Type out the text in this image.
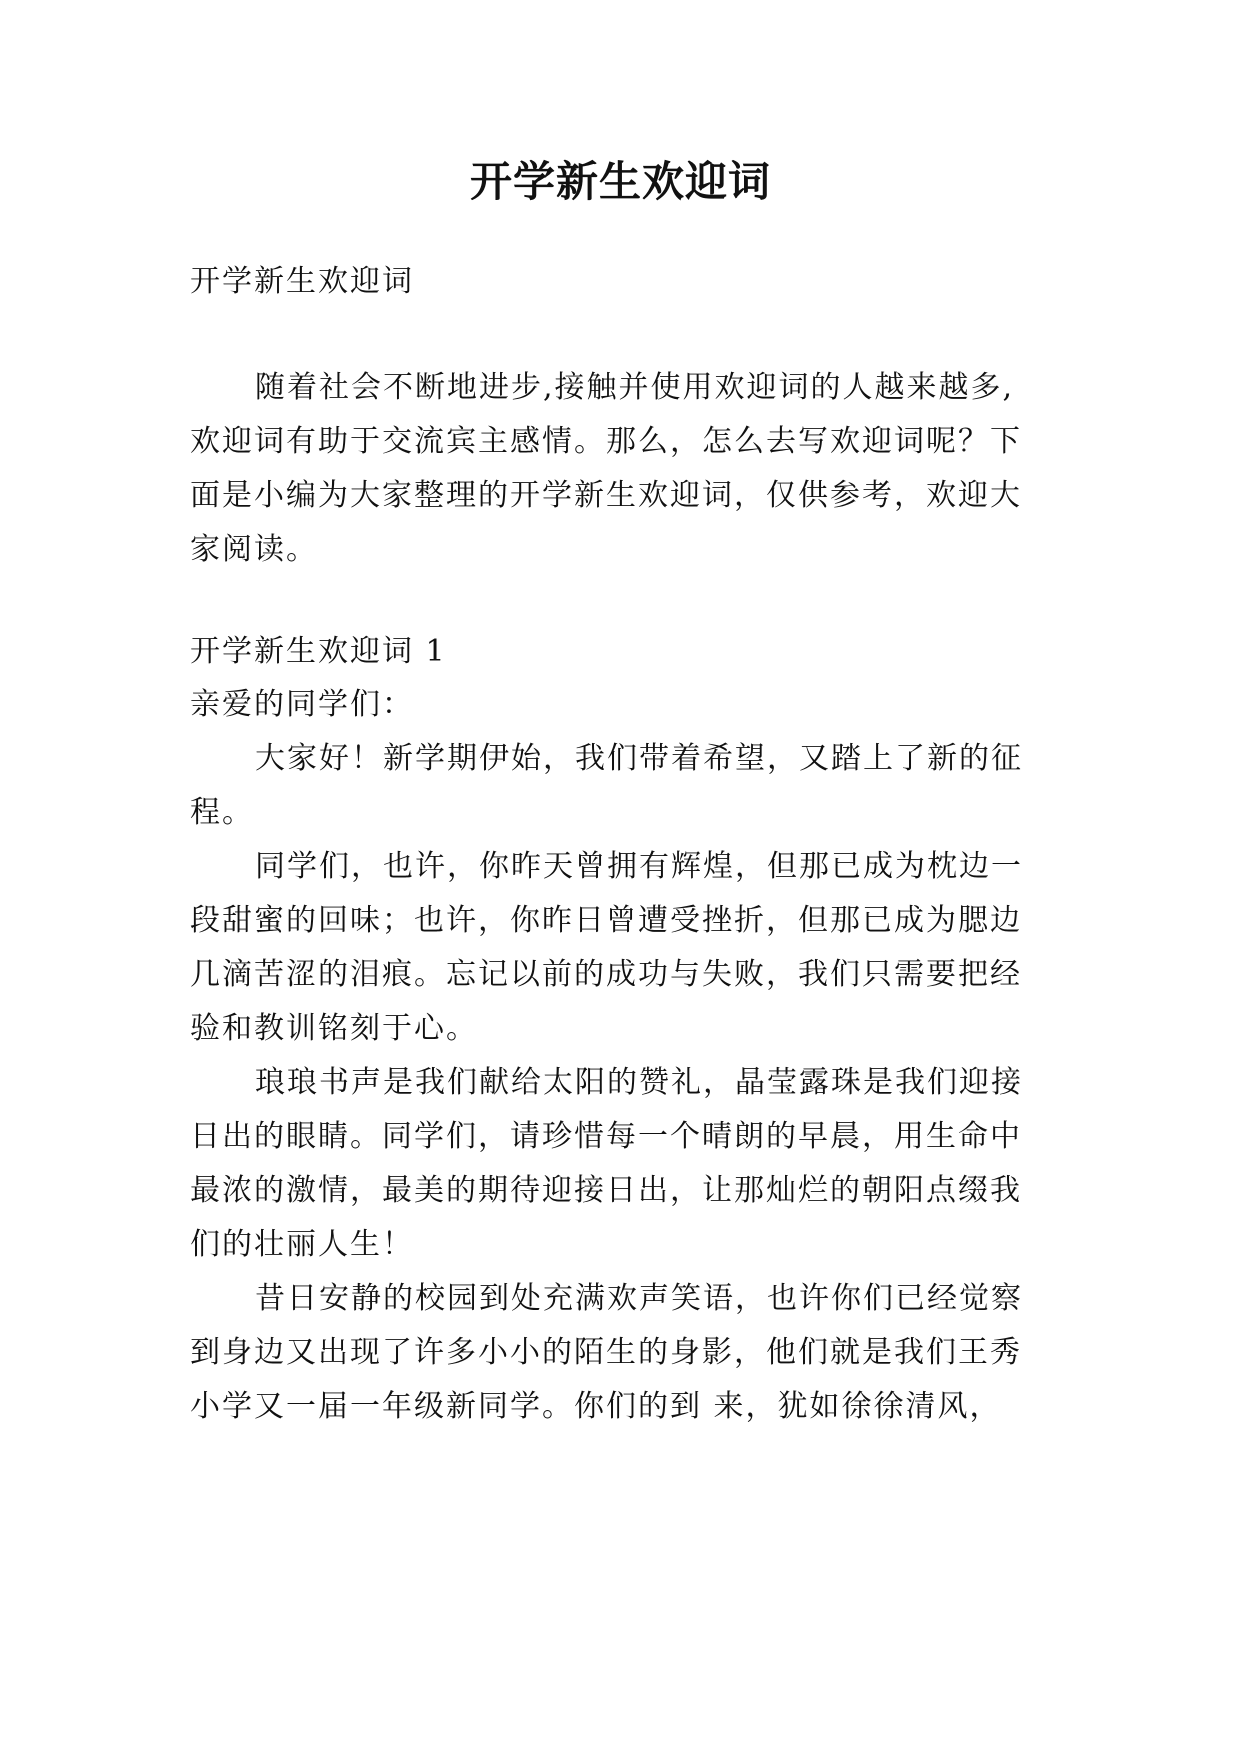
开学新生欢迎词
开学新生欢迎词
随着社会不断地进步,接触并使用欢迎词的人越来越多,
欢迎词有助于交流宾主感情。那么，怎么去写欢迎词呢？下
面是小编为大家整理的开学新生欢迎词，仅供参考，欢迎大
家阅读。
开学新生欢迎词 1
亲爱的同学们：
大家好！新学期伊始，我们带着希望，又踏上了新的征
程。
同学们，也许，你昨天曾拥有辉煌，但那已成为枕边一
段甜蜜的回味；也许，你昨日曾遭受挫折，但那已成为腮边
几滴苦涩的泪痕。忘记以前的成功与失败，我们只需要把经
验和教训铭刻于心。
琅琅书声是我们献给太阳的赞礼，晶莹露珠是我们迎接
日出的眼睛。同学们，请珍惜每一个晴朗的早晨，用生命中
最浓的激情，最美的期待迎接日出，让那灿烂的朝阳点缀我
们的壮丽人生！
昔日安静的校园到处充满欢声笑语，也许你们已经觉察
到身边又出现了许多小小的陌生的身影，他们就是我们王秀
小学又一届一年级新同学。你们的到 来，犹如徐徐清风，
